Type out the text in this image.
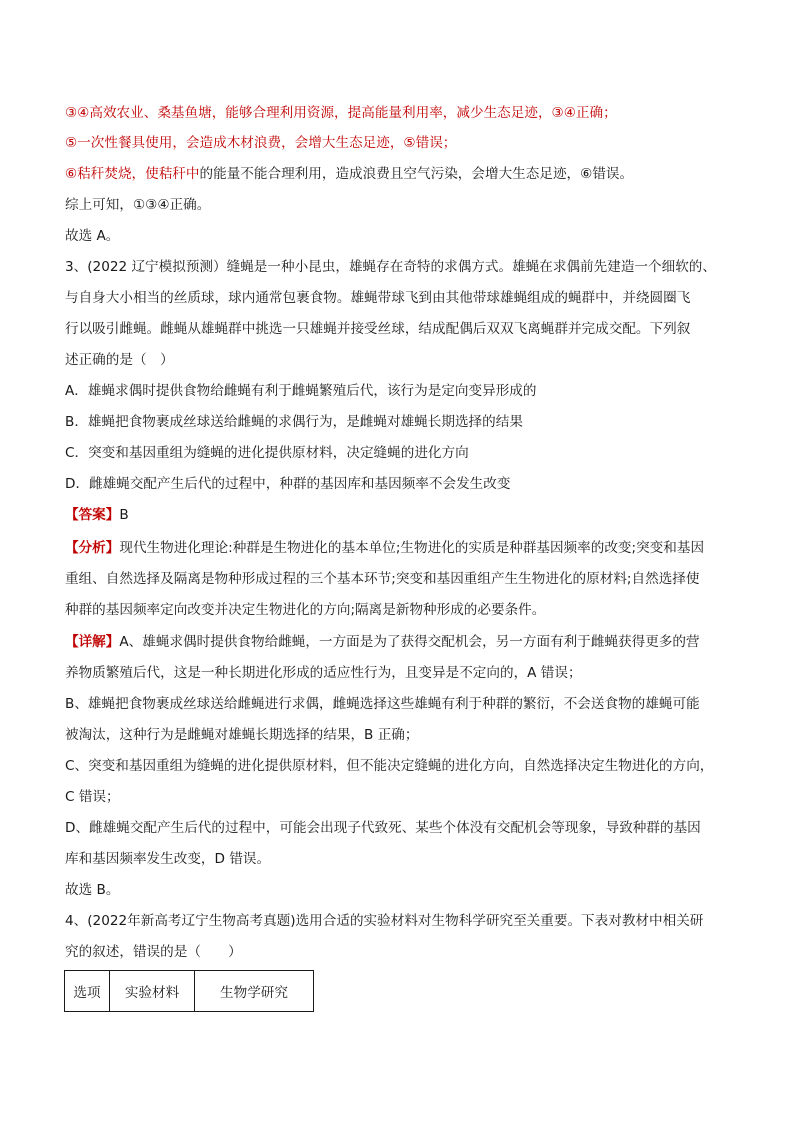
③④高效农业、桑基鱼塘，能够合理利用资源，提高能量利用率，减少生态足迹，③④正确；
⑤一次性餐具使用，会造成木材浪费，会增大生态足迹，⑤错误；
⑥秸秆焚烧，使秸秆中的能量不能合理利用，造成浪费且空气污染，会增大生态足迹，⑥错误。
综上可知，①③④正确。
故选 A。
3、(2022 辽宁模拟预测）缝蝇是一种小昆虫，雄蝇存在奇特的求偶方式。雄蝇在求偶前先建造一个细软的、
与自身大小相当的丝质球，球内通常包裹食物。雄蝇带球飞到由其他带球雄蝇组成的蝇群中，并绕圆圈飞
行以吸引雌蝇。雌蝇从雄蝇群中挑选一只雄蝇并接受丝球，结成配偶后双双飞离蝇群并完成交配。下列叙
述正确的是（　）
A．雄蝇求偶时提供食物给雌蝇有利于雌蝇繁殖后代，该行为是定向变异形成的
B．雄蝇把食物裹成丝球送给雌蝇的求偶行为，是雌蝇对雄蝇长期选择的结果
C．突变和基因重组为缝蝇的进化提供原材料，决定缝蝇的进化方向
D．雌雄蝇交配产生后代的过程中，种群的基因库和基因频率不会发生改变
【答案】B
【分析】现代生物进化理论:种群是生物进化的基本单位;生物进化的实质是种群基因频率的改变;突变和基因
重组、自然选择及隔离是物种形成过程的三个基本环节;突变和基因重组产生生物进化的原材料;自然选择使
种群的基因频率定向改变并决定生物进化的方向;隔离是新物种形成的必要条件。
【详解】A、雄蝇求偶时提供食物给雌蝇，一方面是为了获得交配机会，另一方面有利于雌蝇获得更多的营
养物质繁殖后代，这是一种长期进化形成的适应性行为，且变异是不定向的，A 错误；
B、雄蝇把食物裹成丝球送给雌蝇进行求偶，雌蝇选择这些雄蝇有利于种群的繁衍，不会送食物的雄蝇可能
被淘汰，这种行为是雌蝇对雄蝇长期选择的结果，B 正确；
C、突变和基因重组为缝蝇的进化提供原材料，但不能决定缝蝇的进化方向，自然选择决定生物进化的方向，
C 错误；
D、雌雄蝇交配产生后代的过程中，可能会出现子代致死、某些个体没有交配机会等现象，导致种群的基因
库和基因频率发生改变，D 错误。
故选 B。
4、(2022年新高考辽宁生物高考真题)选用合适的实验材料对生物科学研究至关重要。下表对教材中相关研
究的叙述，错误的是（　　）
选项	实验材料	生物学研究
